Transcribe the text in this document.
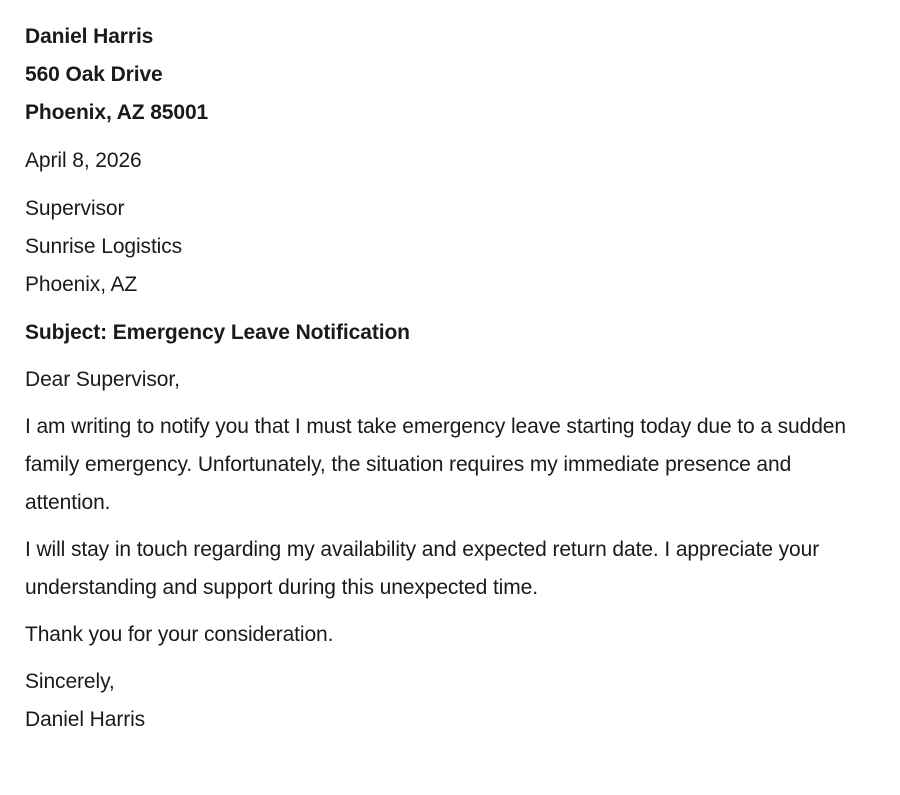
Daniel Harris

560 Oak Drive

Phoenix, AZ 85001

April 8, 2026

Supervisor

Sunrise Logistics

Phoenix, AZ

Subject: Emergency Leave Notification

Dear Supervisor,

I am writing to notify you that I must take emergency leave starting today due to a sudden family emergency. Unfortunately, the situation requires my immediate presence and attention.

I will stay in touch regarding my availability and expected return date. I appreciate your understanding and support during this unexpected time.

Thank you for your consideration.

Sincerely,

Daniel Harris
